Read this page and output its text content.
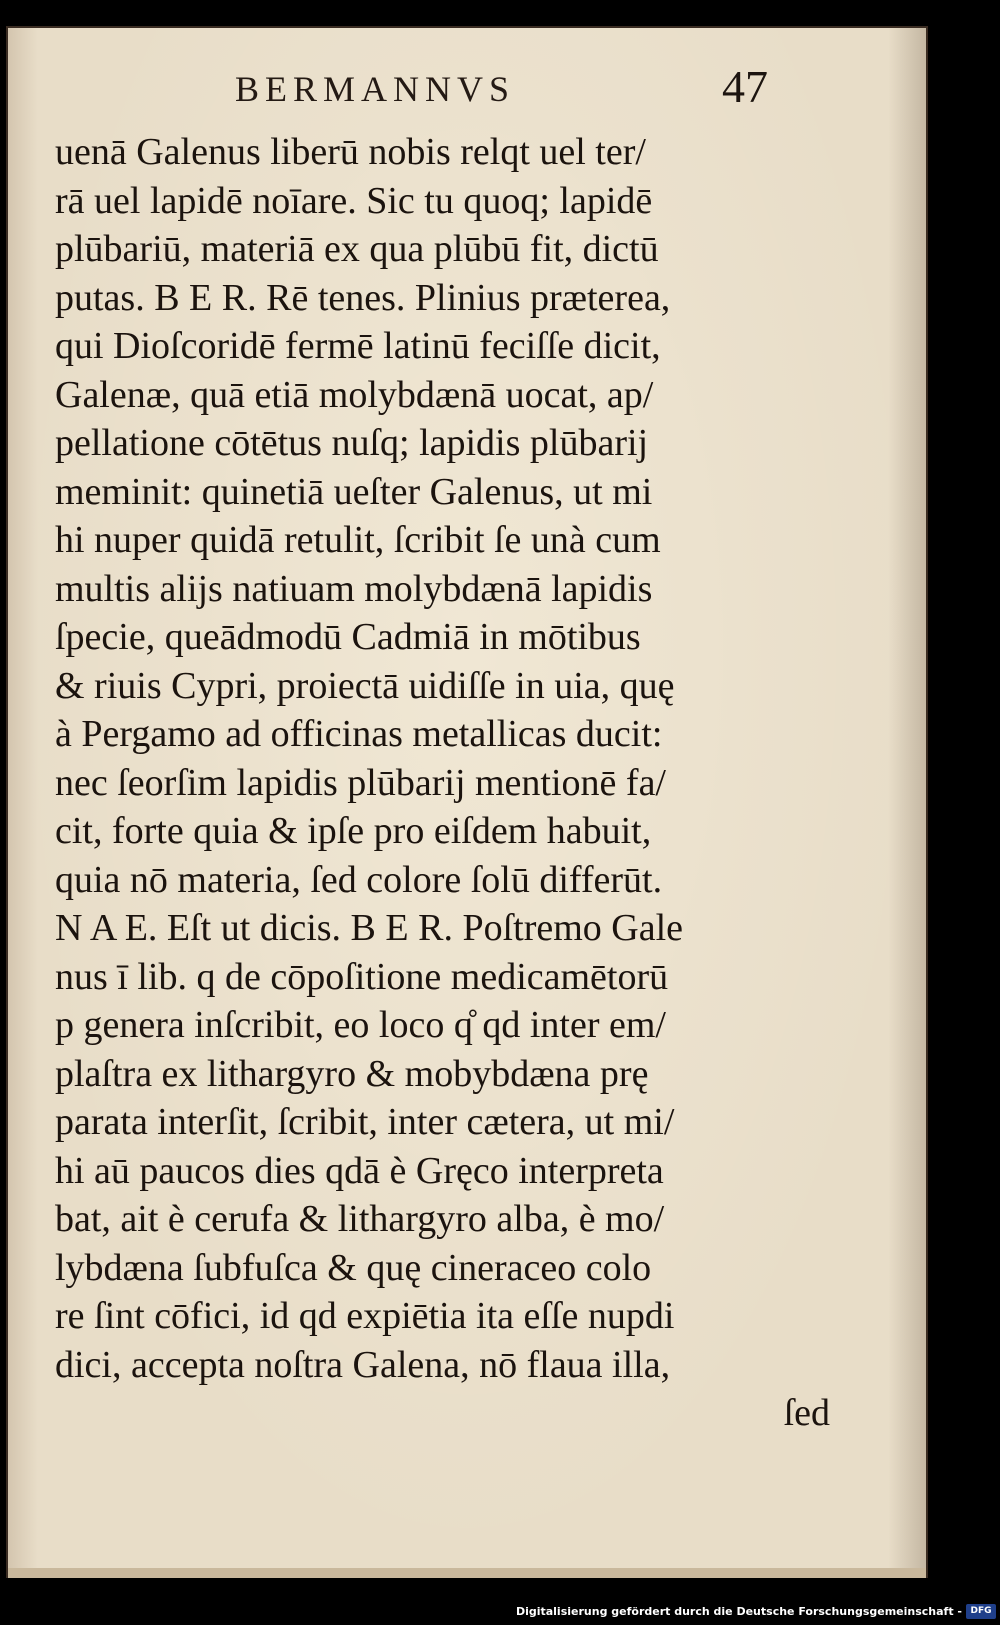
BERMANNVS	47
uenā Galenus liberū nobis relqt uel ter/
rā uel lapidē noīare. Sic tu quoq; lapidē
plūbariū, materiā ex qua plūbū fit, dictū
putas. B E R. Rē tenes. Plinius præterea,
qui Dioſcoridē fermē latinū feciſſe dicit,
Galenæ, quā etiā molybdænā uocat, ap/
pellatione cōtētus nuſq; lapidis plūbarij
meminit: quinetiā ueſter Galenus, ut mi
hi nuper quidā retulit, ſcribit ſe unà cum
multis alijs natiuam molybdænā lapidis
ſpecie, queādmodū Cadmiā in mōtibus
& riuis Cypri, proiectā uidiſſe in uia, quę
à Pergamo ad officinas metallicas ducit:
nec ſeorſim lapidis plūbarij mentionē fa/
cit, forte quia & ipſe pro eiſdem habuit,
quia nō materia, ſed colore ſolū differūt.
N A E. Eſt ut dicis. B E R. Poſtremo Gale
nus ī lib. q de cōpoſitione medicamētorū
p genera inſcribit, eo loco q̊ qd inter em/
plaſtra ex lithargyro & mobybdæna prę
parata interſit, ſcribit, inter cætera, ut mi/
hi aū paucos dies qdā è Gręco interpreta
bat, ait è cerufa & lithargyro alba, è mo/
lybdæna ſubfuſca & quę cineraceo colo
re ſint cōfici, id qd expiētia ita eſſe nupdi
dici, accepta noſtra Galena, nō flaua illa,
ſed
Digitalisierung gefördert durch die Deutsche Forschungsgemeinschaft - DFG
